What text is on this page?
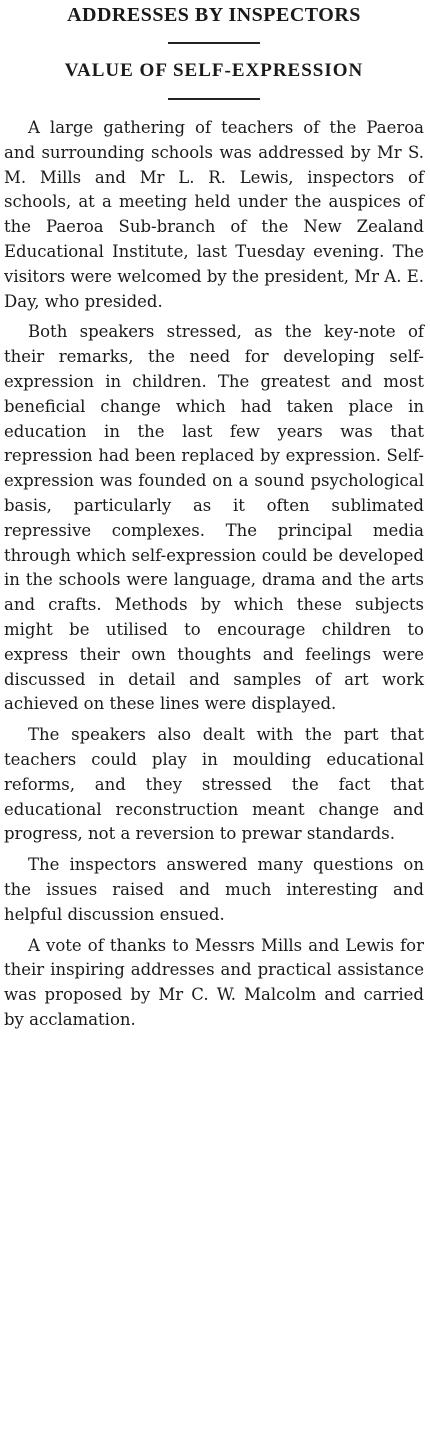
ADDRESSES BY INSPECTORS
VALUE OF SELF-EXPRESSION

A large gathering of teachers of the Paeroa and surrounding schools was addressed by Mr S. M. Mills and Mr L. R. Lewis, inspectors of schools, at a meeting held under the auspices of the Paeroa Sub-branch of the New Zealand Educational Institute, last Tuesday evening. The visitors were welcomed by the president, Mr A. E. Day, who presided.

Both speakers stressed, as the key-note of their remarks, the need for developing self-expression in children. The greatest and most beneficial change which had taken place in education in the last few years was that repression had been replaced by expression. Self-expression was founded on a sound psychological basis, particularly as it often sublimated repressive complexes. The principal media through which self-expression could be developed in the schools were language, drama and the arts and crafts. Methods by which these subjects might be utilised to encourage children to express their own thoughts and feelings were discussed in detail and samples of art work achieved on these lines were displayed.

The speakers also dealt with the part that teachers could play in moulding educational reforms, and they stressed the fact that educational reconstruction meant change and progress, not a reversion to prewar standards.

The inspectors answered many questions on the issues raised and much interesting and helpful discussion ensued.

A vote of thanks to Messrs Mills and Lewis for their inspiring addresses and practical assistance was proposed by Mr C. W. Malcolm and carried by acclamation.
